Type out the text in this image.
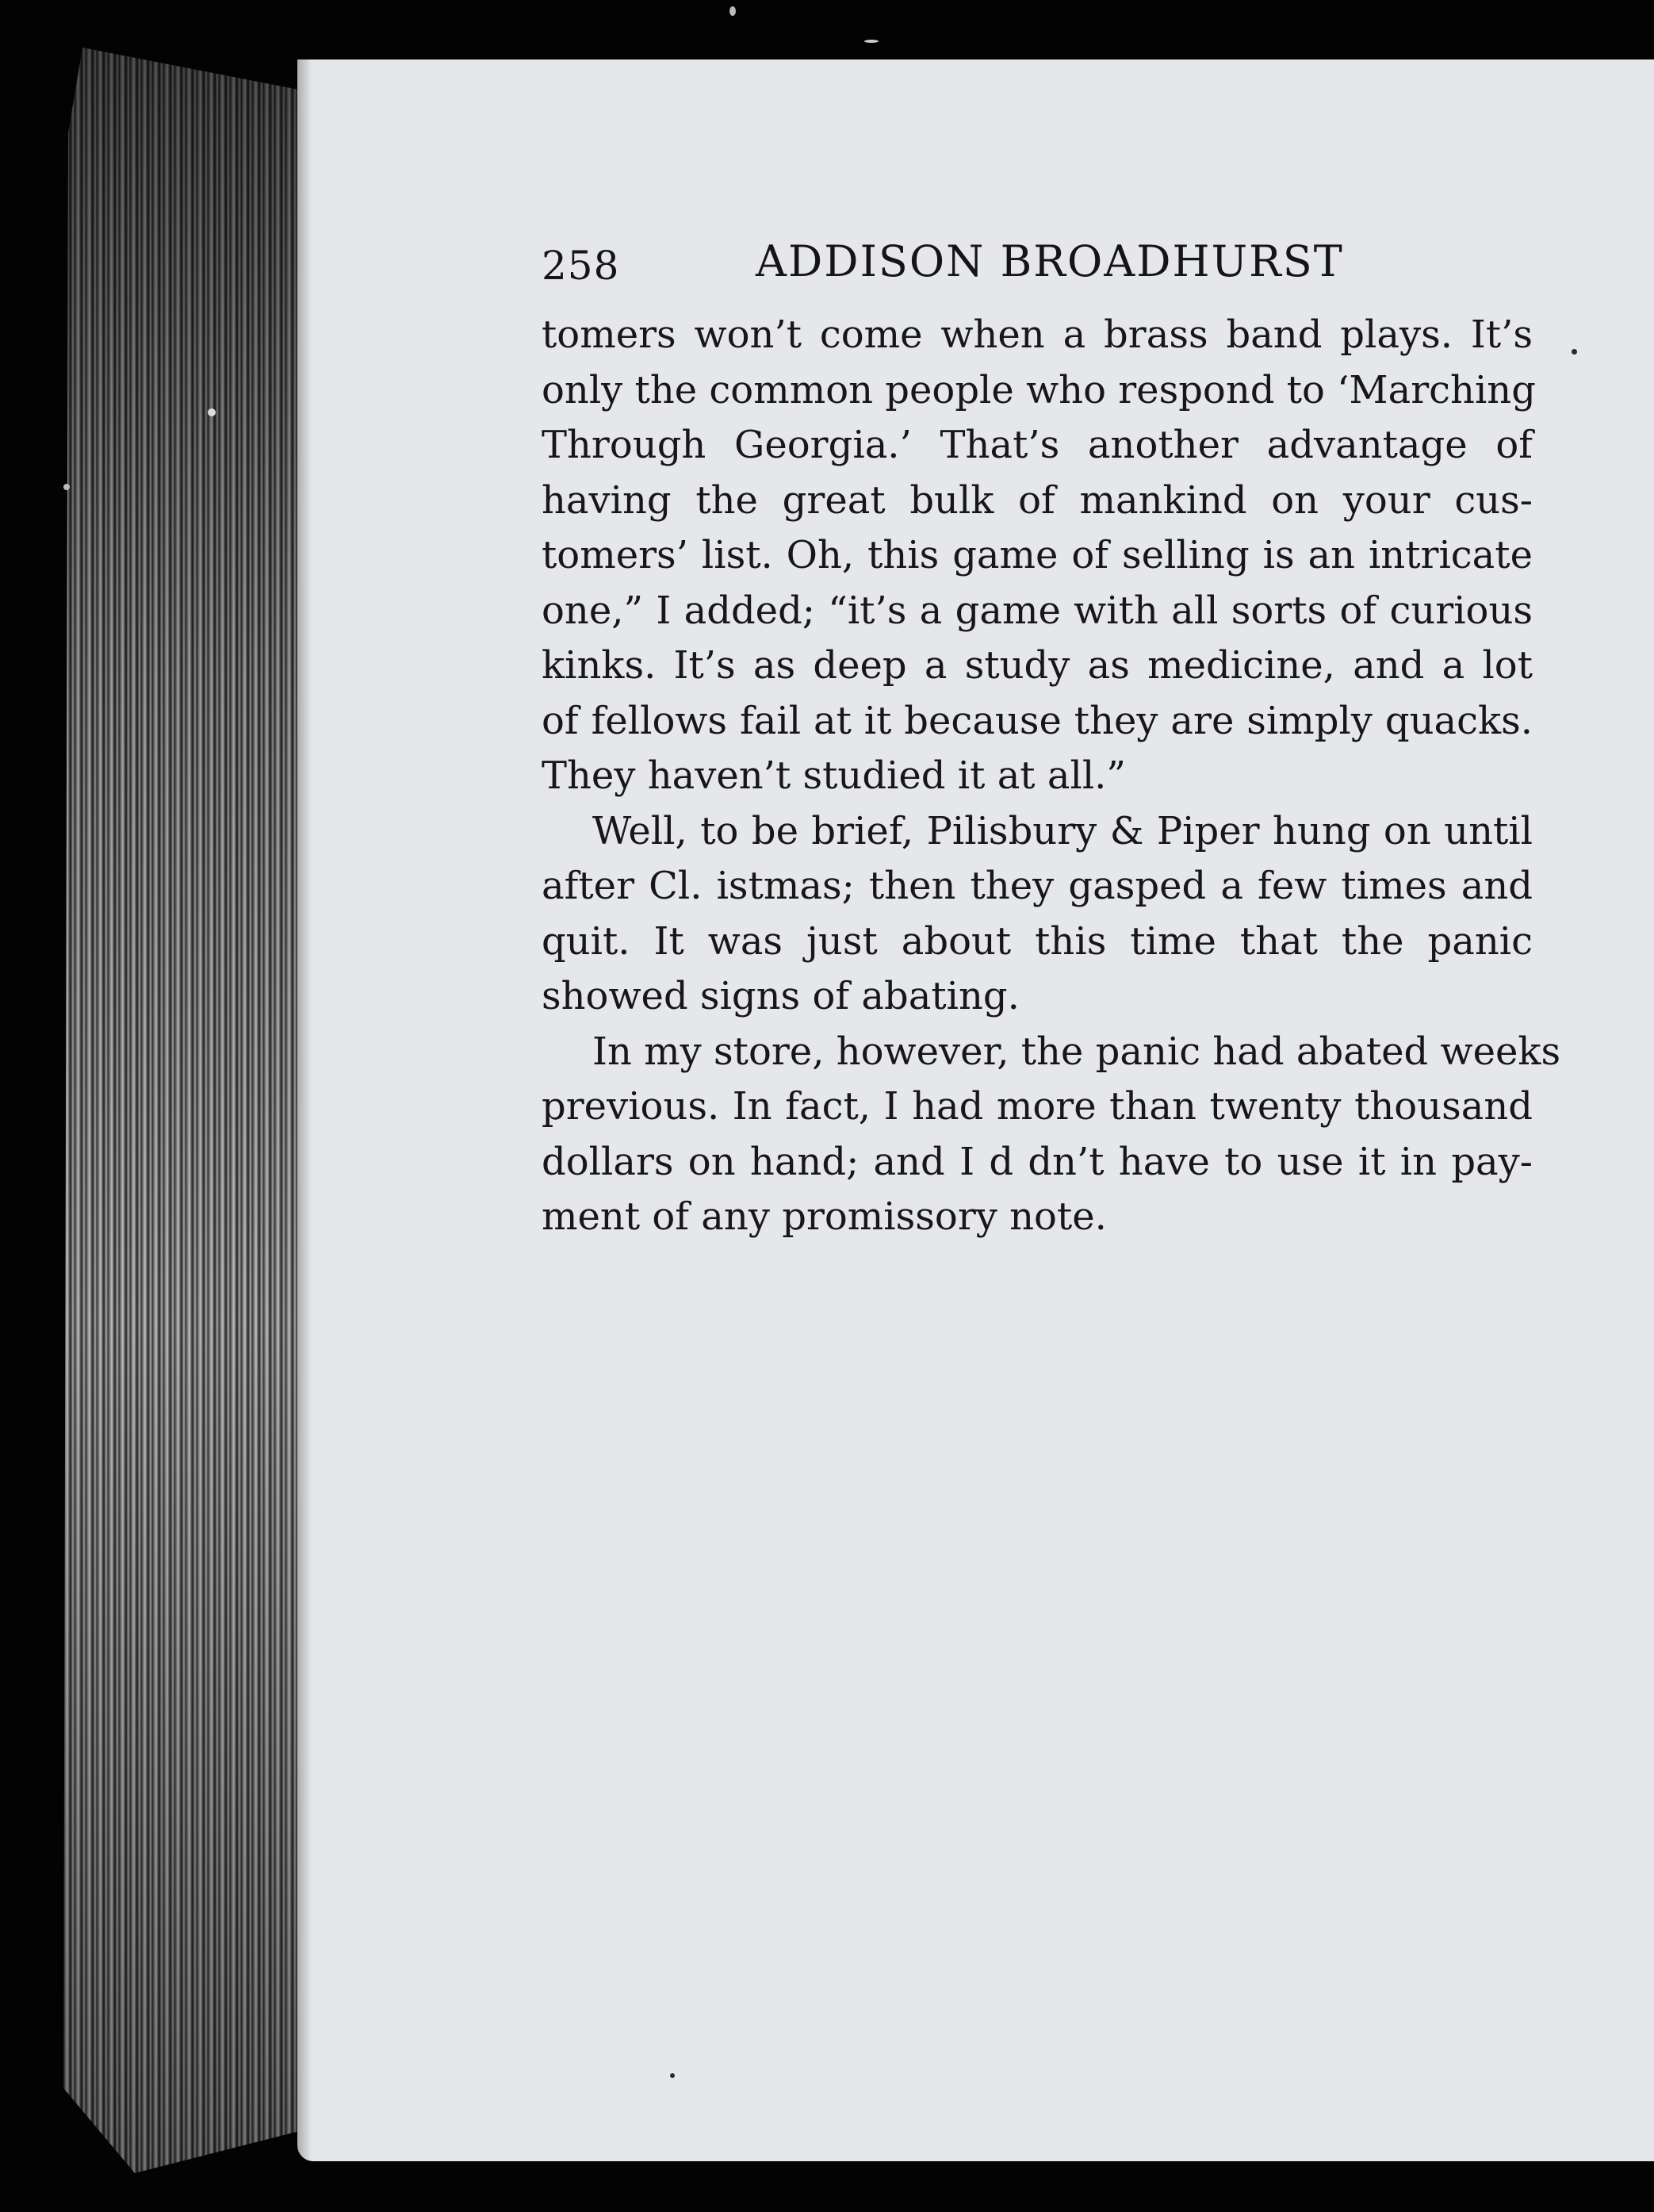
258	ADDISON BROADHURST
tomers won’t come when a brass band plays. It’s
only the common people who respond to ‘Marching
Through Georgia.’ That’s another advantage of
having the great bulk of mankind on your cus-
tomers’ list. Oh, this game of selling is an intricate
one,” I added; “it’s a game with all sorts of curious
kinks. It’s as deep a study as medicine, and a lot
of fellows fail at it because they are simply quacks.
They haven’t studied it at all.”
Well, to be brief, Pilisbury & Piper hung on until
after Cl. istmas; then they gasped a few times and
quit. It was just about this time that the panic
showed signs of abating.
In my store, however, the panic had abated weeks
previous. In fact, I had more than twenty thousand
dollars on hand; and I d dn’t have to use it in pay-
ment of any promissory note.
